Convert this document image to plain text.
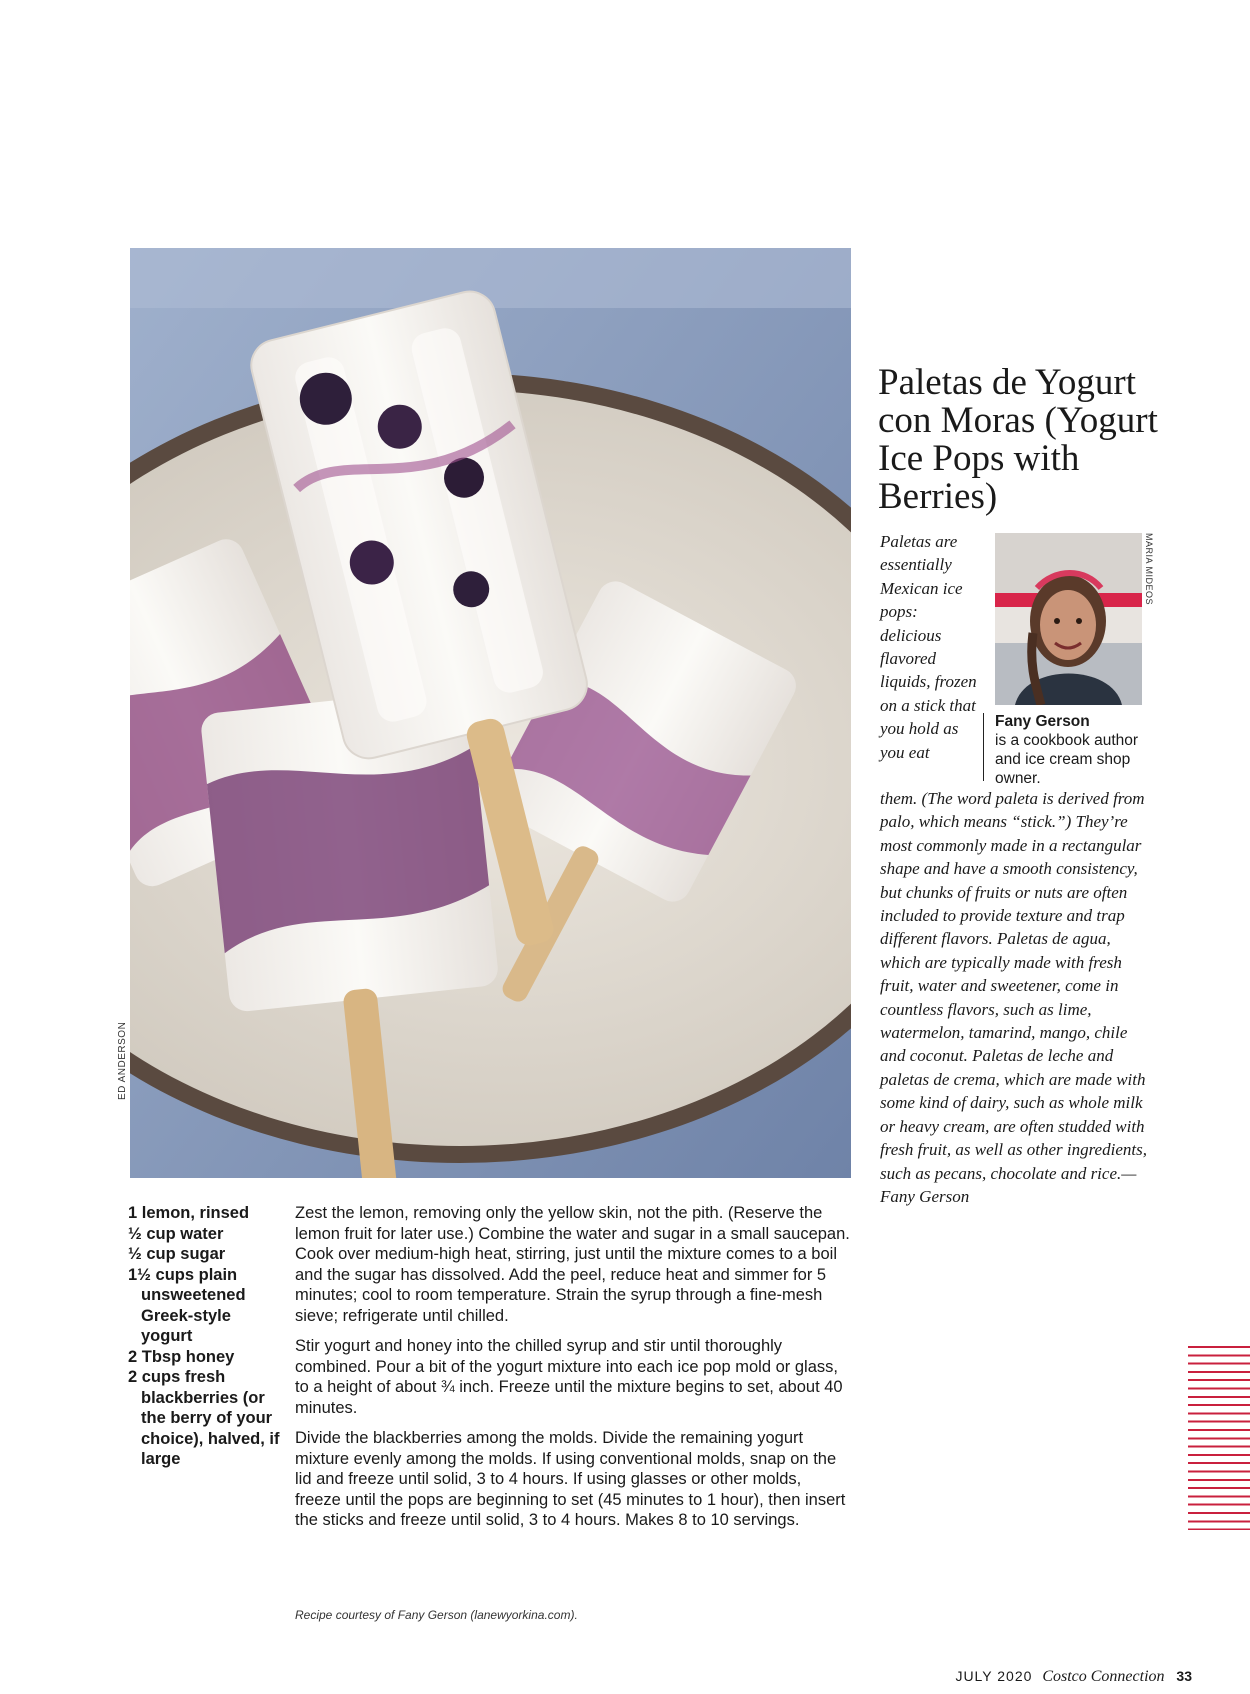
ED ANDERSON
Paletas de Yogurt con Moras (Yogurt Ice Pops with Berries)
Paletas are essentially Mexican ice pops: delicious flavored liquids, frozen on a stick that you hold as you eat
MARIA MIDEOS
Fany Gerson
is a cookbook author and ice cream shop owner.
them. (The word paleta is derived from palo, which means “stick.”) They’re most commonly made in a rectangular shape and have a smooth consistency, but chunks of fruits or nuts are often included to provide texture and trap different flavors. Paletas de agua, which are typically made with fresh fruit, water and sweetener, come in countless flavors, such as lime, watermelon, tamarind, mango, chile and coconut. Paletas de leche and paletas de crema, which are made with some kind of dairy, such as whole milk or heavy cream, are often studded with fresh fruit, as well as other ingredients, such as pecans, chocolate and rice.—Fany Gerson
1 lemon, rinsed
½ cup water
½ cup sugar
1½ cups plain unsweetened Greek-style yogurt
2 Tbsp honey
2 cups fresh blackberries (or the berry of your choice), halved, if large

Zest the lemon, removing only the yellow skin, not the pith. (Reserve the lemon fruit for later use.) Combine the water and sugar in a small saucepan. Cook over medium-high heat, stirring, just until the mixture comes to a boil and the sugar has dissolved. Add the peel, reduce heat and simmer for 5 minutes; cool to room temperature. Strain the syrup through a fine-mesh sieve; refrigerate until chilled.

Stir yogurt and honey into the chilled syrup and stir until thoroughly combined. Pour a bit of the yogurt mixture into each ice pop mold or glass, to a height of about ¾ inch. Freeze until the mixture begins to set, about 40 minutes.

Divide the blackberries among the molds. Divide the remaining yogurt mixture evenly among the molds. If using conventional molds, snap on the lid and freeze until solid, 3 to 4 hours. If using glasses or other molds, freeze until the pops are beginning to set (45 minutes to 1 hour), then insert the sticks and freeze until solid, 3 to 4 hours. Makes 8 to 10 servings.

Recipe courtesy of Fany Gerson (lanewyorkina.com).
JULY 2020 Costco Connection 33
